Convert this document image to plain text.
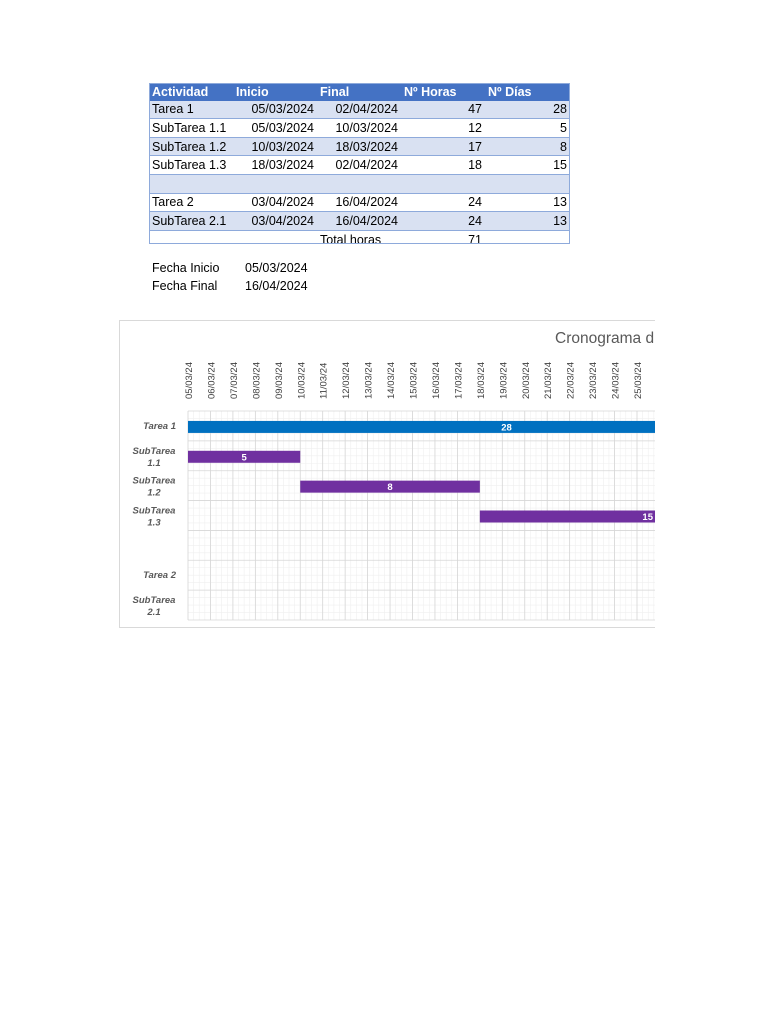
Actividad	Inicio	Final	Nº Horas	Nº Días
Tarea 1	05/03/2024	02/04/2024	47	28
SubTarea 1.1	05/03/2024	10/03/2024	12	5
SubTarea 1.2	10/03/2024	18/03/2024	17	8
SubTarea 1.3	18/03/2024	02/04/2024	18	15

Tarea 2	03/04/2024	16/04/2024	24	13
SubTarea 2.1	03/04/2024	16/04/2024	24	13
		Total horas	71	
Fecha Inicio	05/03/2024
Fecha Final	16/04/2024
Cronograma d
05/03/24 06/03/24 07/03/24 08/03/24 09/03/24 10/03/24 11/03/24 12/03/24 13/03/24 14/03/24 15/03/24 16/03/24 17/03/24 18/03/24 19/03/24 20/03/24 21/03/24 22/03/24 23/03/24 24/03/24 25/03/24
Tarea 1
SubTarea
1.1
SubTarea
1.2
SubTarea
1.3
Tarea 2
SubTarea
2.1
28
5
8
15
